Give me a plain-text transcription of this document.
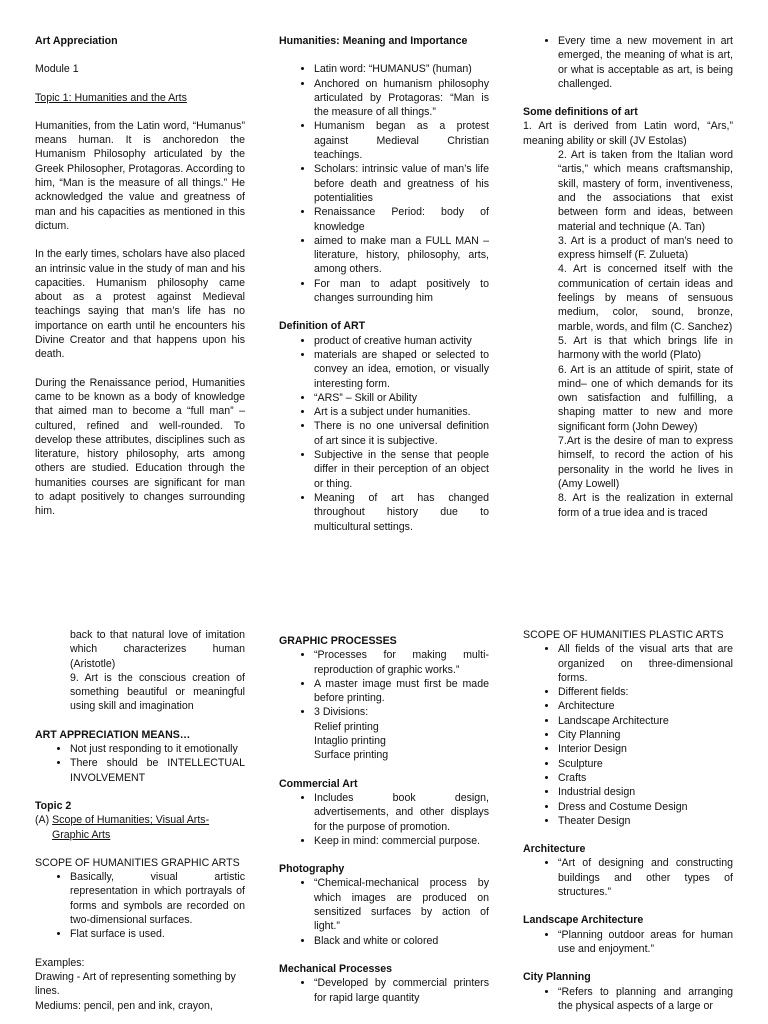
Art Appreciation

Module 1

Topic 1: Humanities and the Arts

Humanities, from the Latin word, “Humanus” means human. It is anchoredon the Humanism Philosophy articulated by the Greek Philosopher, Protagoras. According to him, “Man is the measure of all things.” He acknowledged the value and greatness of man and his capacities as mentioned in this dictum.

In the early times, scholars have also placed an intrinsic value in the study of man and his capacities. Humanism philosophy came about as a protest against Medieval teachings saying that man’s life has no importance on earth until he encounters his Divine Creator and that happens upon his death.

During the Renaissance period, Humanities came to be known as a body of knowledge that aimed man to become a “full man” – cultured, refined and well-rounded. To develop these attributes, disciplines such as literature, history philosophy, arts among others are studied. Education through the humanities courses are significant for man to adapt positively to changes surrounding him.

Humanities: Meaning and Importance

• Latin word: “HUMANUS” (human)
• Anchored on humanism philosophy articulated by Protagoras: “Man is the measure of all things.”
• Humanism began as a protest against Medieval Christian teachings.
• Scholars: intrinsic value of man’s life before death and greatness of his potentialities
• Renaissance Period: body of knowledge
• aimed to make man a FULL MAN – literature, history, philosophy, arts, among others.
• For man to adapt positively to changes surrounding him

Definition of ART

• product of creative human activity
• materials are shaped or selected to convey an idea, emotion, or visually interesting form.
• “ARS” – Skill or Ability
• Art is a subject under humanities.
• There is no one universal definition of art since it is subjective.
• Subjective in the sense that people differ in their perception of an object or thing.
• Meaning of art has changed throughout history due to multicultural settings.
• Every time a new movement in art emerged, the meaning of what is art, or what is acceptable as art, is being challenged.

Some definitions of art

1. Art is derived from Latin word, “Ars,” meaning ability or skill (JV Estolas)

2. Art is taken from the Italian word “artis,” which means craftsmanship, skill, mastery of form, inventiveness, and the associations that exist between form and ideas, between material and technique (A. Tan)

3. Art is a product of man’s need to express himself (F. Zulueta)

4. Art is concerned itself with the communication of certain ideas and feelings by means of sensuous medium, color, sound, bronze, marble, words, and film (C. Sanchez)

5. Art is that which brings life in harmony with the world (Plato)

6. Art is an attitude of spirit, state of mind– one of which demands for its own satisfaction and fulfilling, a shaping matter to new and more significant form (John Dewey)

7.Art is the desire of man to express himself, to record the action of his personality in the world he lives in (Amy Lowell)

8. Art is the realization in external form of a true idea and is traced

back to that natural love of imitation which characterizes human (Aristotle)

9. Art is the conscious creation of something beautiful or meaningful using skill and imagination

ART APPRECIATION MEANS…

• Not just responding to it emotionally
• There should be INTELLECTUAL INVOLVEMENT

Topic 2

(A) Scope of Humanities; Visual Arts-Graphic Arts

SCOPE OF HUMANITIES GRAPHIC ARTS

• Basically, visual artistic representation in which portrayals of forms and symbols are recorded on two-dimensional surfaces.
• Flat surface is used.

Examples:

Drawing - Art of representing something by lines.

Mediums: pencil, pen and ink, crayon,

GRAPHIC PROCESSES

• “Processes for making multi-reproduction of graphic works.”
• A master image must first be made before printing.
• 3 Divisions:

Relief printing

Intaglio printing

Surface printing

Commercial Art

• Includes book design, advertisements, and other displays for the purpose of promotion.
• Keep in mind: commercial purpose.

Photography

• “Chemical-mechanical process by which images are produced on sensitized surfaces by action of light.”
• Black and white or colored

Mechanical Processes

• “Developed by commercial printers for rapid large quantity

SCOPE OF HUMANITIES PLASTIC ARTS

• All fields of the visual arts that are organized on three-dimensional forms.
• Different fields:
• Architecture
• Landscape Architecture
• City Planning
• Interior Design
• Sculpture
• Crafts
• Industrial design
• Dress and Costume Design
• Theater Design

Architecture

• “Art of designing and constructing buildings and other types of structures.”

Landscape Architecture

• “Planning outdoor areas for human use and enjoyment.”

City Planning

• “Refers to planning and arranging the physical aspects of a large or
